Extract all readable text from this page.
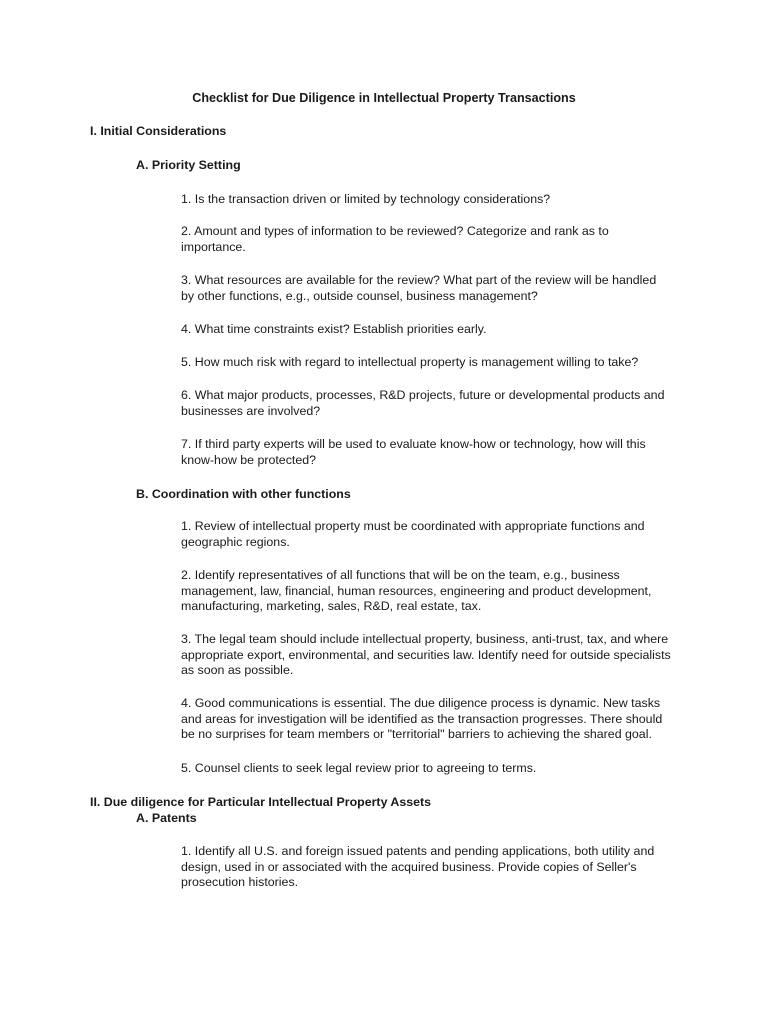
Checklist for Due Diligence in Intellectual Property Transactions
I. Initial Considerations
A. Priority Setting

1. Is the transaction driven or limited by technology considerations?

2. Amount and types of information to be reviewed? Categorize and rank as to importance.

3. What resources are available for the review? What part of the review will be handled by other functions, e.g., outside counsel, business management?

4. What time constraints exist? Establish priorities early.

5. How much risk with regard to intellectual property is management willing to take?

6. What major products, processes, R&D projects, future or developmental products and businesses are involved?

7. If third party experts will be used to evaluate know-how or technology, how will this know-how be protected?

B. Coordination with other functions

1. Review of intellectual property must be coordinated with appropriate functions and geographic regions.

2. Identify representatives of all functions that will be on the team, e.g., business management, law, financial, human resources, engineering and product development, manufacturing, marketing, sales, R&D, real estate, tax.

3. The legal team should include intellectual property, business, anti-trust, tax, and where appropriate export, environmental, and securities law. Identify need for outside specialists as soon as possible.

4. Good communications is essential. The due diligence process is dynamic. New tasks and areas for investigation will be identified as the transaction progresses. There should be no surprises for team members or "territorial" barriers to achieving the shared goal.

5. Counsel clients to seek legal review prior to agreeing to terms.

II. Due diligence for Particular Intellectual Property Assets
A. Patents

1. Identify all U.S. and foreign issued patents and pending applications, both utility and design, used in or associated with the acquired business. Provide copies of Seller's prosecution histories.
